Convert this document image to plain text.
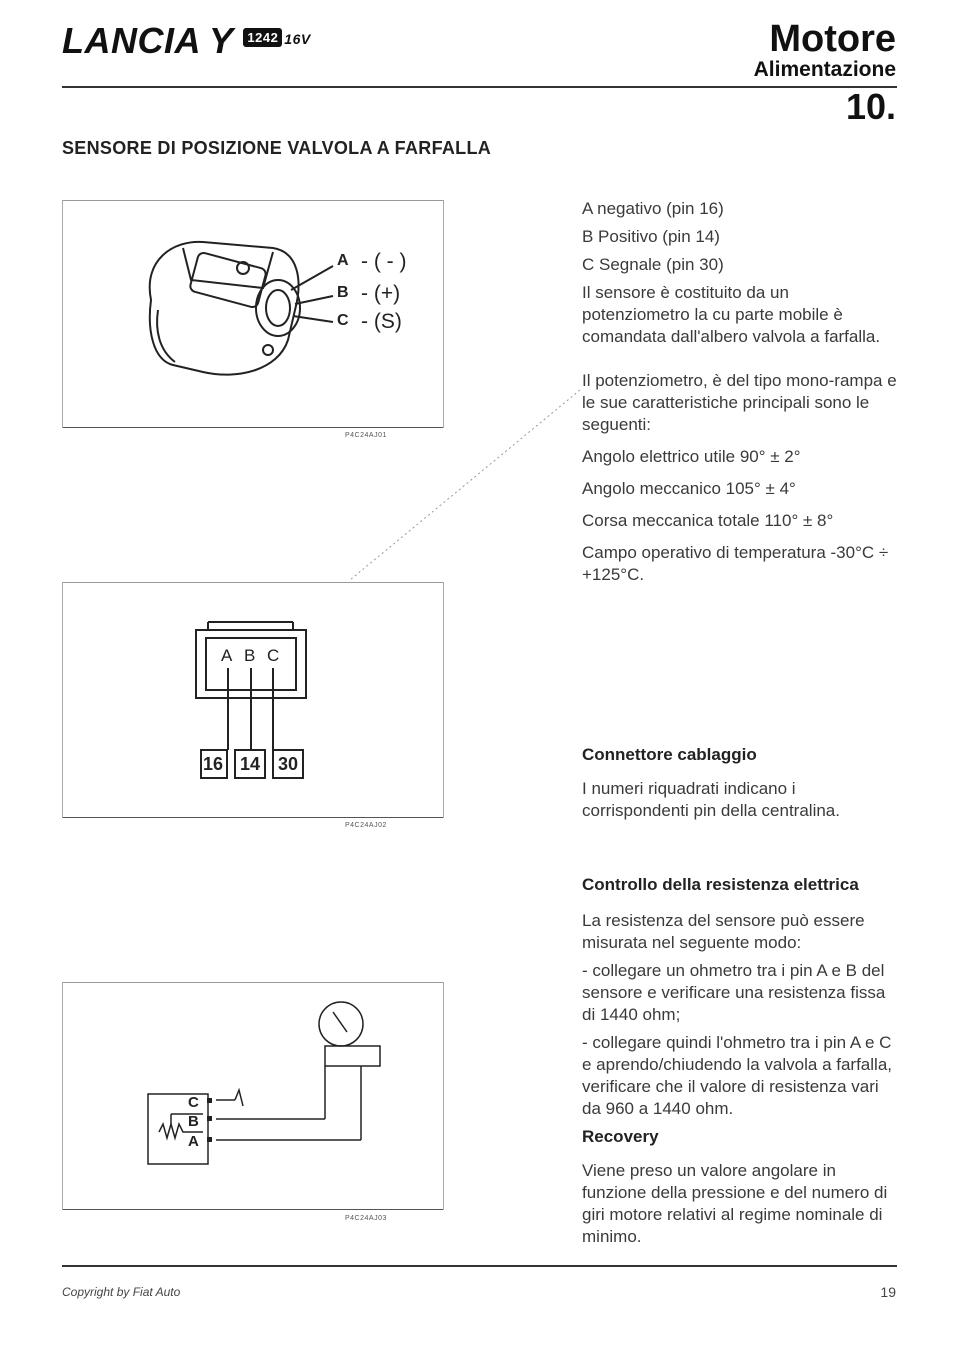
LANCIA Y 1242 16V	Motore
Alimentazione
10.
SENSORE DI POSIZIONE VALVOLA A FARFALLA
A - ( - )
B - (+)
C - (S)
P4C24AJ01
A B C
16 14 30
P4C24AJ02
C
B
A
P4C24AJ03

A negativo (pin 16)

B Positivo (pin 14)

C Segnale (pin 30)

Il sensore è costituito da un potenziometro la cu parte mobile è comandata dall'albero valvola a farfalla.

Il potenziometro, è del tipo mono-rampa e le sue caratteristiche principali sono le seguenti:

Angolo elettrico utile 90° ± 2°

Angolo meccanico 105° ± 4°

Corsa meccanica totale 110° ± 8°

Campo operativo di temperatura -30°C ÷ +125°C.

Connettore cablaggio

I numeri riquadrati indicano i corrispondenti pin della centralina.

Controllo della resistenza elettrica

La resistenza del sensore può essere misurata nel seguente modo:

- collegare un ohmetro tra i pin A e B del sensore e verificare una resistenza fissa di 1440 ohm;

- collegare quindi l'ohmetro tra i pin A e C e aprendo/chiudendo la valvola a farfalla, verificare che il valore di resistenza vari da 960 a 1440 ohm.

Recovery

Viene preso un valore angolare in funzione della pressione e del numero di giri motore relativi al regime nominale di minimo.

Copyright by Fiat Auto	19
